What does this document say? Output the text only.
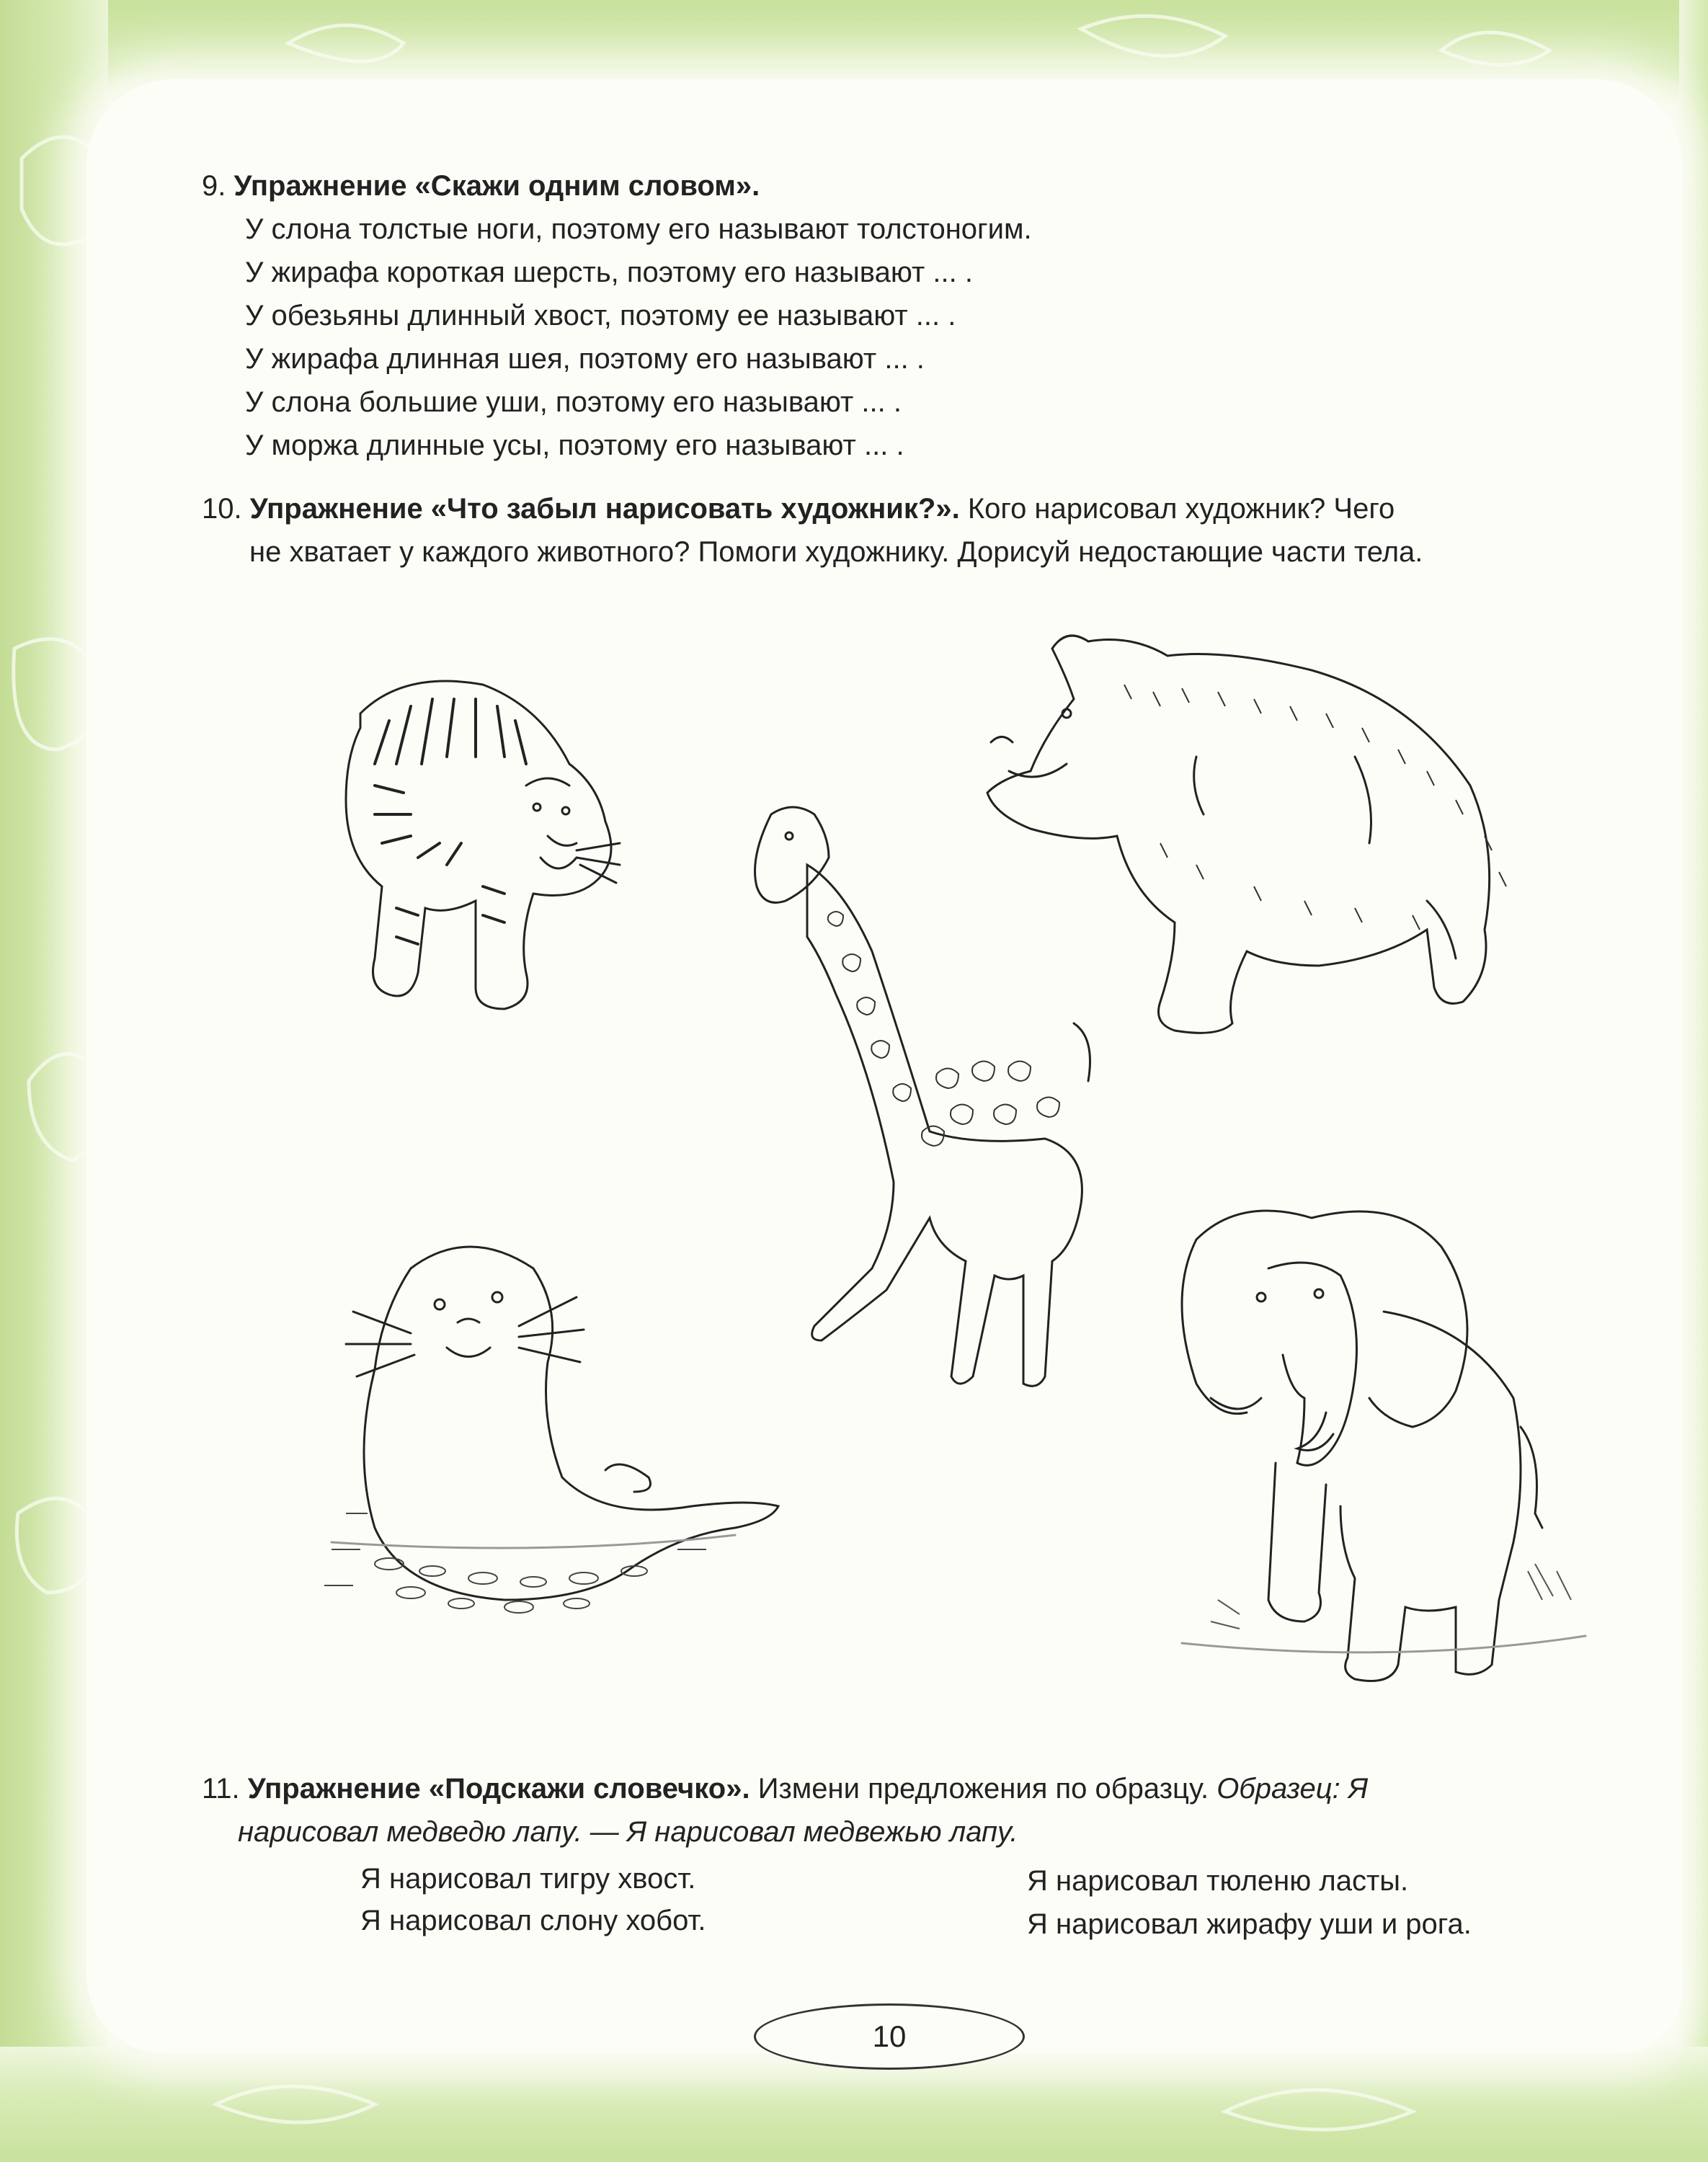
9. Упражнение «Скажи одним словом».
У слона толстые ноги, поэтому его называют толстоногим.
У жирафа короткая шерсть, поэтому его называют ... .
У обезьяны длинный хвост, поэтому ее называют ... .
У жирафа длинная шея, поэтому его называют ... .
У слона большие уши, поэтому его называют ... .
У моржа длинные усы, поэтому его называют ... .
10. Упражнение «Что забыл нарисовать художник?». Кого нарисовал художник? Чего
не хватает у каждого животного? Помоги художнику. Дорисуй недостающие части тела.
11. Упражнение «Подскажи словечко». Измени предложения по образцу. Образец: Я
нарисовал медведю лапу. — Я нарисовал медвежью лапу.
Я нарисовал тигру хвост.
Я нарисовал слону хобот.
Я нарисовал тюленю ласты.
Я нарисовал жирафу уши и рога.
10
